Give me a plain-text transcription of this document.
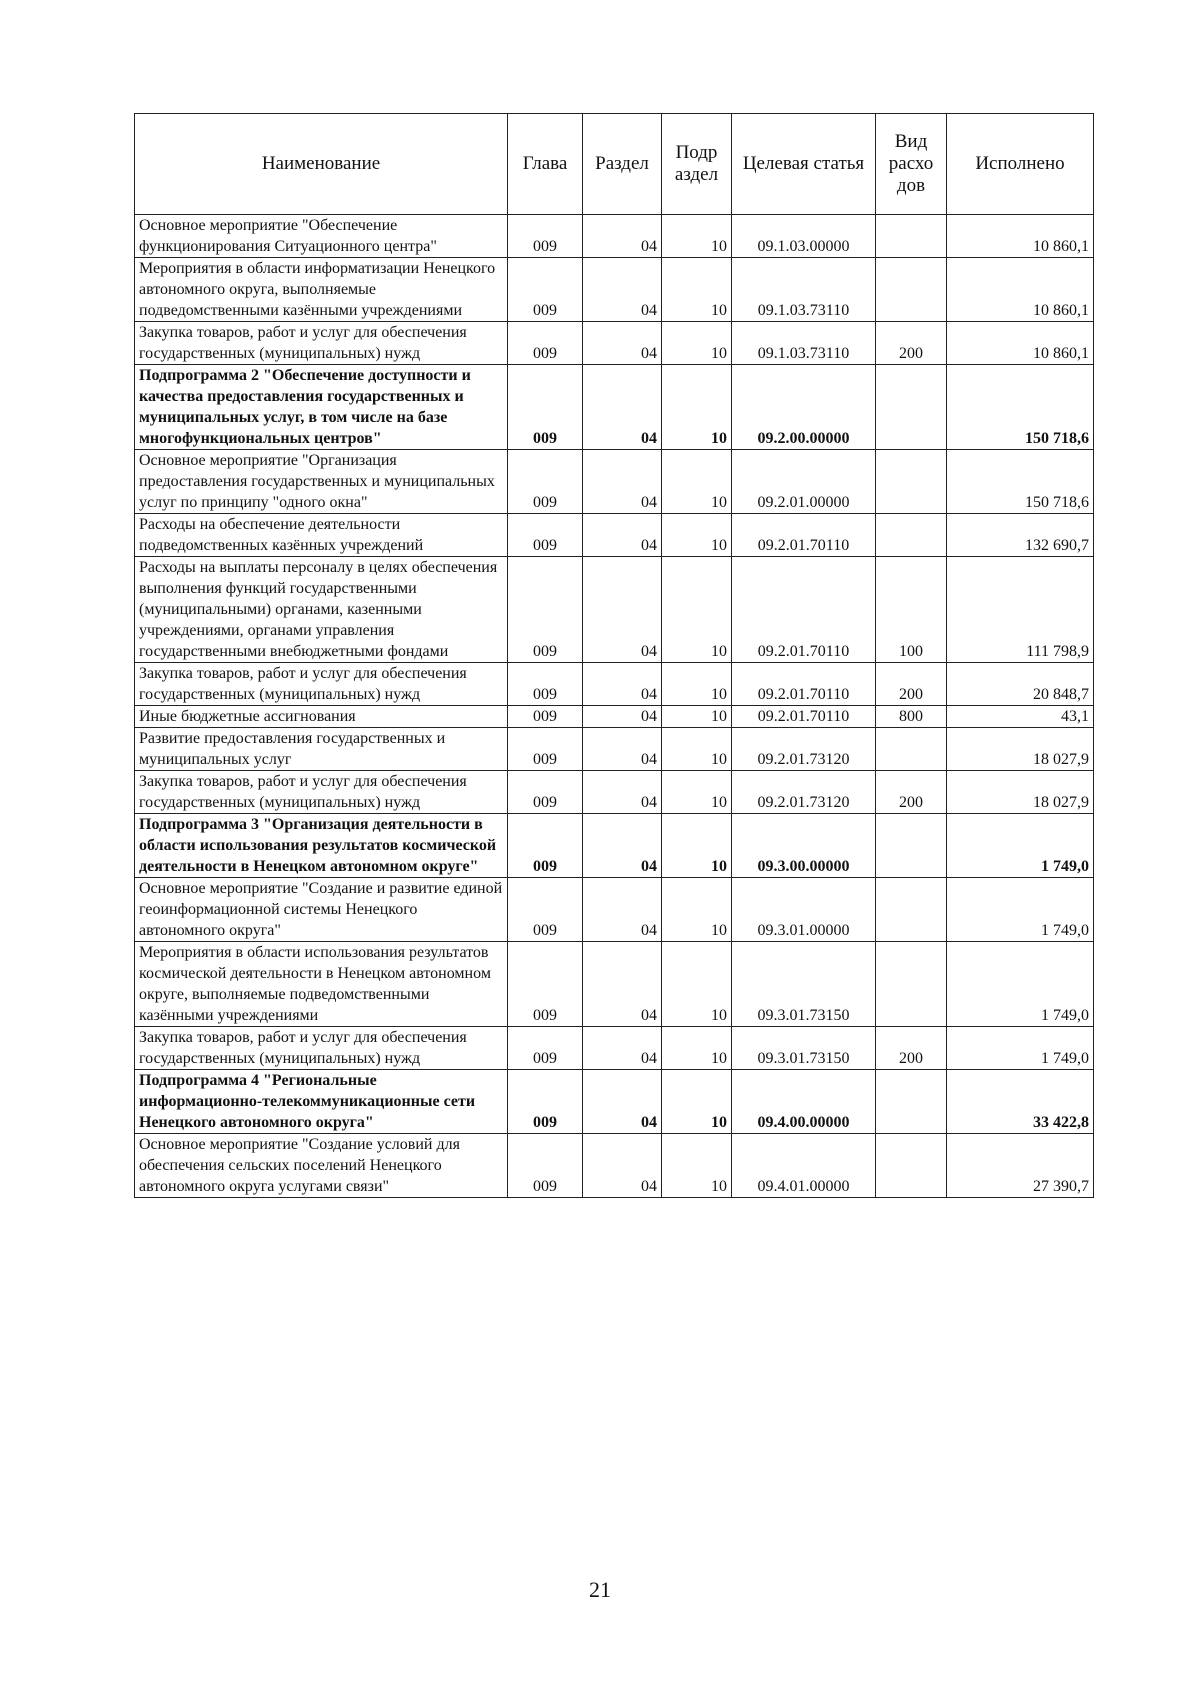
Наименование	Глава	Раздел	Подр аздел	Целевая статья	Вид расхо дов	Исполнено
Основное мероприятие "Обеспечение функционирования Ситуационного центра"	009	04	10	09.1.03.00000		10 860,1
Мероприятия в области информатизации Ненецкого автономного округа, выполняемые подведомственными казёнными учреждениями	009	04	10	09.1.03.73110		10 860,1
Закупка товаров, работ и услуг для обеспечения государственных (муниципальных) нужд	009	04	10	09.1.03.73110	200	10 860,1
Подпрограмма 2 "Обеспечение доступности и качества предоставления государственных и муниципальных услуг, в том числе на базе многофункциональных центров"	009	04	10	09.2.00.00000		150 718,6
Основное мероприятие "Организация предоставления государственных и муниципальных услуг по принципу "одного окна"	009	04	10	09.2.01.00000		150 718,6
Расходы на обеспечение деятельности подведомственных казённых учреждений	009	04	10	09.2.01.70110		132 690,7
Расходы на выплаты персоналу в целях обеспечения выполнения функций государственными (муниципальными) органами, казенными учреждениями, органами управления государственными внебюджетными фондами	009	04	10	09.2.01.70110	100	111 798,9
Закупка товаров, работ и услуг для обеспечения государственных (муниципальных) нужд	009	04	10	09.2.01.70110	200	20 848,7
Иные бюджетные ассигнования	009	04	10	09.2.01.70110	800	43,1
Развитие предоставления государственных и муниципальных услуг	009	04	10	09.2.01.73120		18 027,9
Закупка товаров, работ и услуг для обеспечения государственных (муниципальных) нужд	009	04	10	09.2.01.73120	200	18 027,9
Подпрограмма 3 "Организация деятельности в области использования результатов космической деятельности в Ненецком автономном округе"	009	04	10	09.3.00.00000		1 749,0
Основное мероприятие "Создание и развитие единой геоинформационной системы Ненецкого автономного округа"	009	04	10	09.3.01.00000		1 749,0
Мероприятия в области использования результатов космической деятельности в Ненецком автономном округе, выполняемые подведомственными казёнными учреждениями	009	04	10	09.3.01.73150		1 749,0
Закупка товаров, работ и услуг для обеспечения государственных (муниципальных) нужд	009	04	10	09.3.01.73150	200	1 749,0
Подпрограмма 4 "Региональные информационно-телекоммуникационные сети Ненецкого автономного округа"	009	04	10	09.4.00.00000		33 422,8
Основное мероприятие "Создание условий для обеспечения сельских поселений Ненецкого автономного округа услугами связи"	009	04	10	09.4.01.00000		27 390,7
21
